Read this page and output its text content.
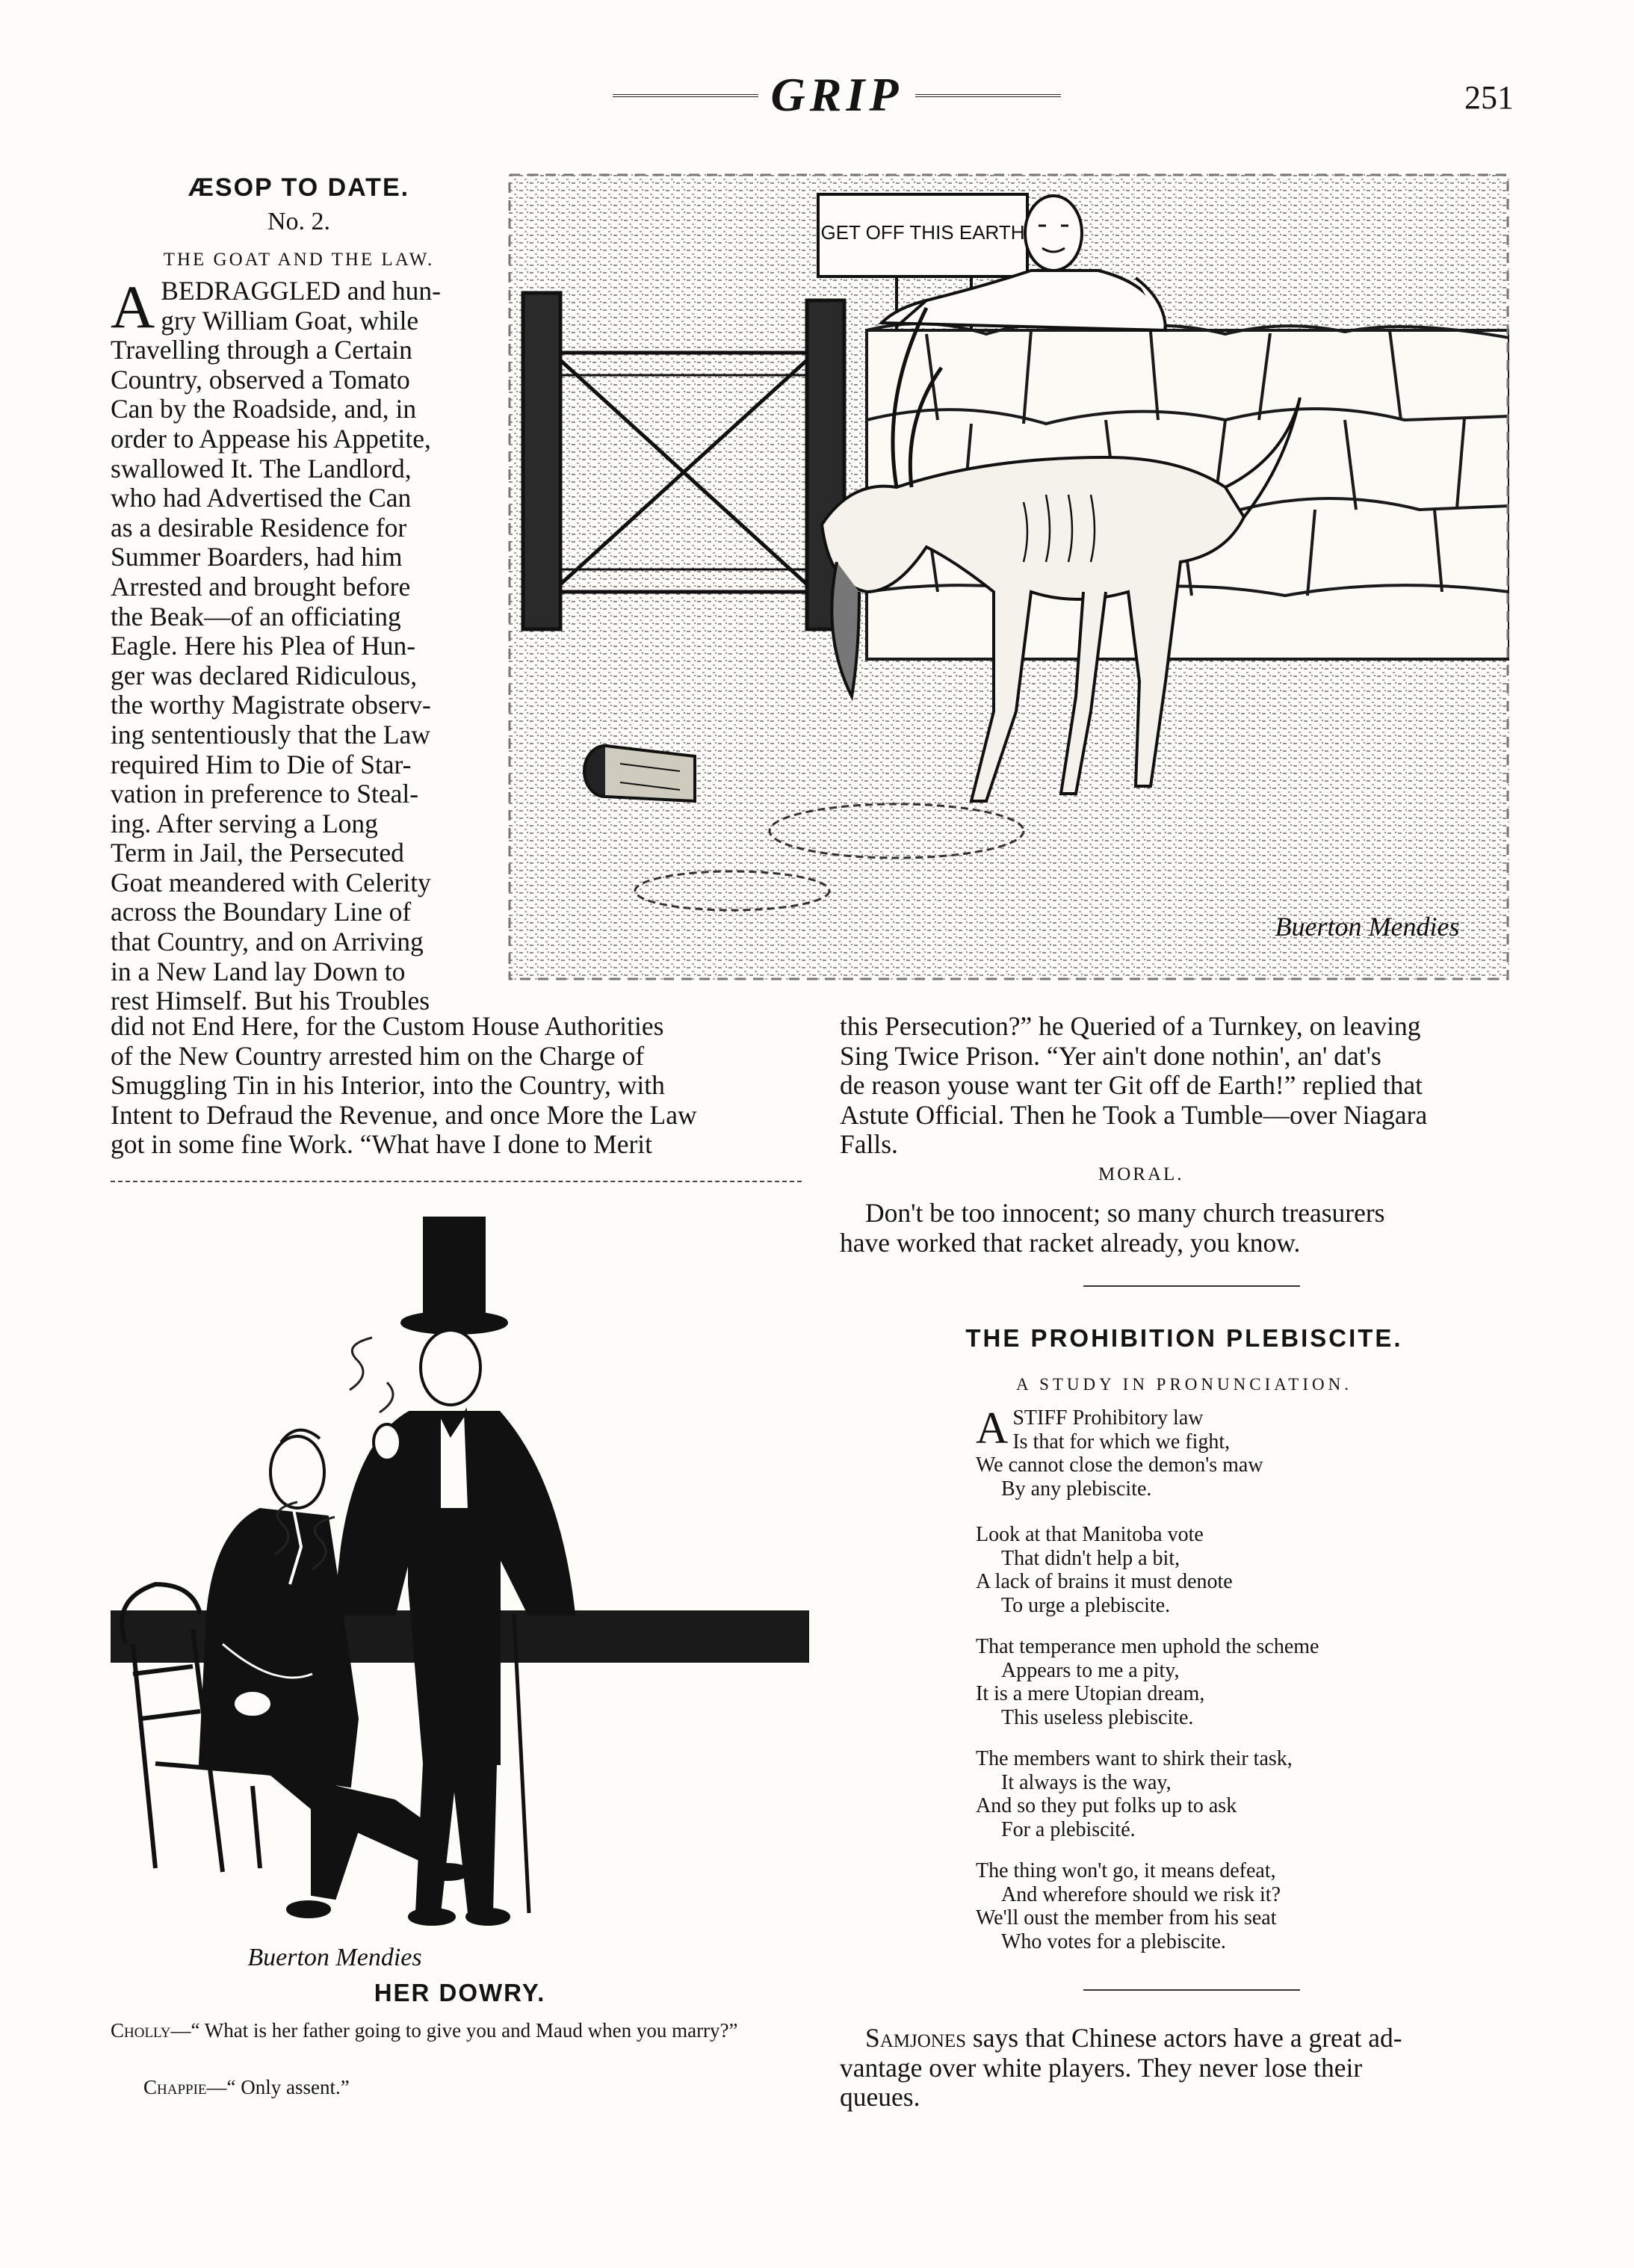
GRIP	251
ÆSOP TO DATE.
No. 2.
THE GOAT AND THE LAW.
A BEDRAGGLED and hun-

gry William Goat, while

Travelling through a Certain

Country, observed a Tomato

Can by the Roadside, and, in

order to Appease his Appetite,

swallowed It. The Landlord,

who had Advertised the Can

as a desirable Residence for

Summer Boarders, had him

Arrested and brought before

the Beak—of an officiating

Eagle. Here his Plea of Hun-

ger was declared Ridiculous,

the worthy Magistrate observ-

ing sententiously that the Law

required Him to Die of Star-

vation in preference to Steal-

ing. After serving a Long

Term in Jail, the Persecuted

Goat meandered with Celerity

across the Boundary Line of

that Country, and on Arriving

in a New Land lay Down to

rest Himself. But his Troubles

GET OFF THIS EARTH
Buerton Mendies

did not End Here, for the Custom House Authorities

of the New Country arrested him on the Charge of

Smuggling Tin in his Interior, into the Country, with

Intent to Defraud the Revenue, and once More the Law

got in some fine Work. “What have I done to Merit

this Persecution?” he Queried of a Turnkey, on leaving

Sing Twice Prison. “Yer ain't done nothin', an' dat's

de reason youse want ter Git off de Earth!” replied that

Astute Official. Then he Took a Tumble—over Niagara

Falls.

MORAL.

Don't be too innocent; so many church treasurers

have worked that racket already, you know.

THE PROHIBITION PLEBISCITE.
A STUDY IN PRONUNCIATION.
A STIFF Prohibitory law
Is that for which we fight,
We cannot close the demon's maw
By any plebiscite.
Look at that Manitoba vote
That didn't help a bit,
A lack of brains it must denote
To urge a plebiscite.
That temperance men uphold the scheme
Appears to me a pity,
It is a mere Utopian dream,
This useless plebiscite.
The members want to shirk their task,
It always is the way,
And so they put folks up to ask
For a plebiscité.
The thing won't go, it means defeat,
And wherefore should we risk it?
We'll oust the member from his seat
Who votes for a plebiscite.

Samjones says that Chinese actors have a great ad-

vantage over white players. They never lose their

queues.

Buerton Mendies
HER DOWRY.
Cholly—“ What is her father going to give you and Maud when you marry?”
Chappie—“ Only assent.”
